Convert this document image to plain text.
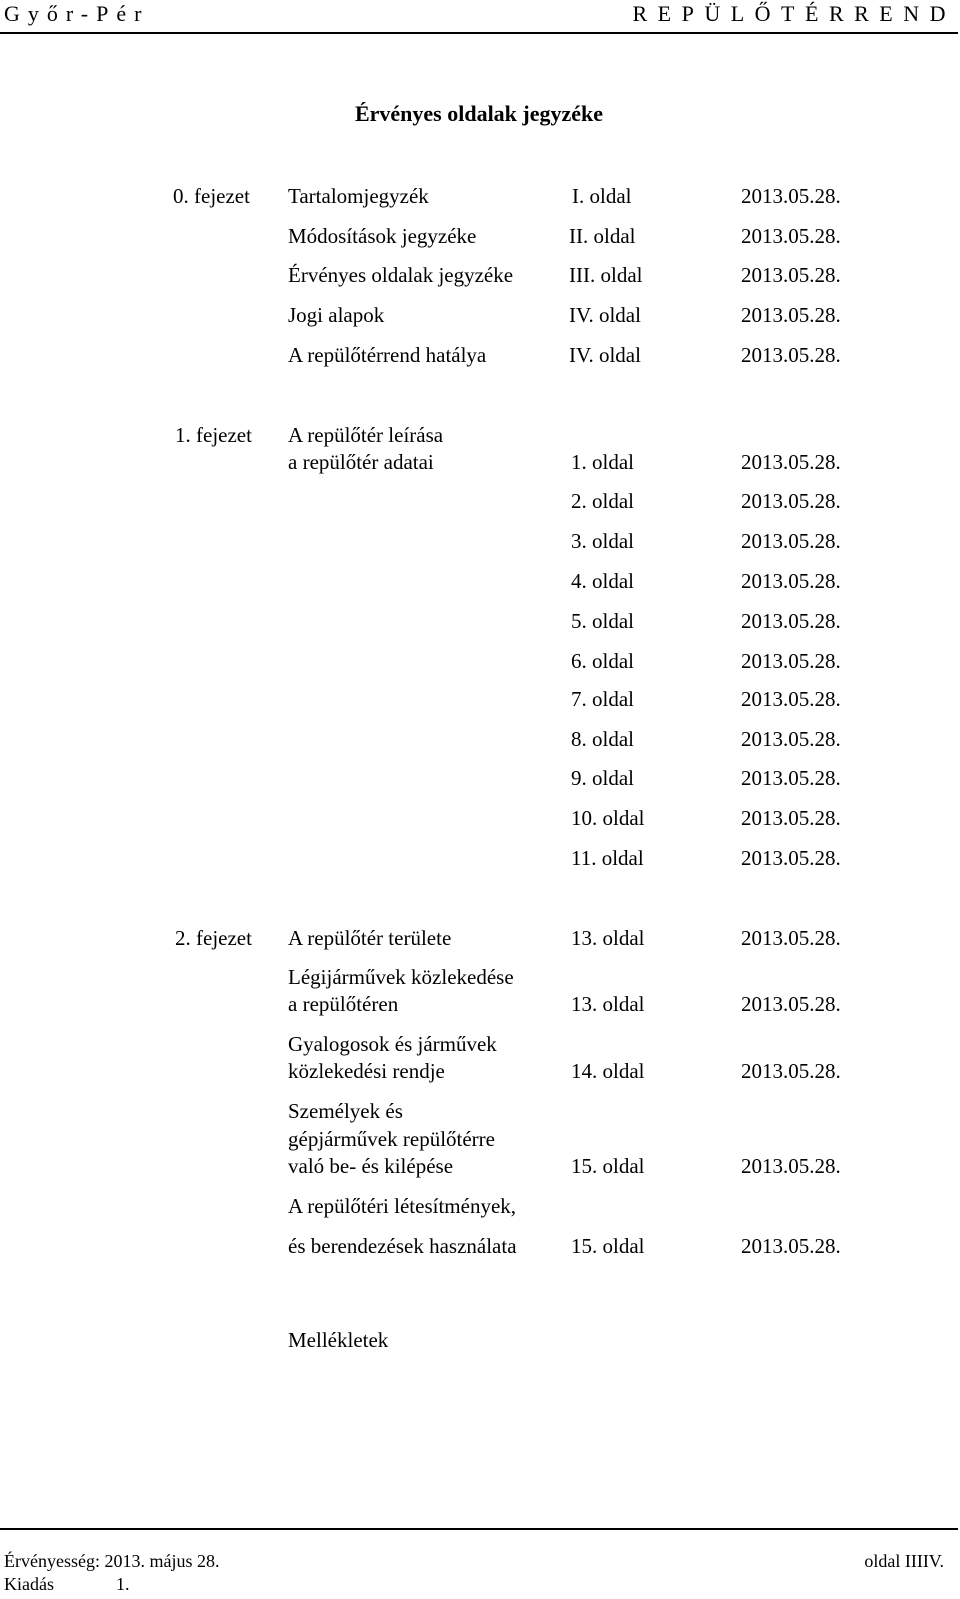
Győr-Pér	REPÜLŐTÉRREND
Érvényes oldalak jegyzéke
0. fejezet Tartalomjegyzék	I. oldal	2013.05.28.
Módosítások jegyzéke	II. oldal	2013.05.28.
Érvényes oldalak jegyzéke	III. oldal	2013.05.28.
Jogi alapok	IV. oldal	2013.05.28.
A repülőtérrend hatálya	IV. oldal	2013.05.28.
1. fejezet A repülőtér leírása
a repülőtér adatai	1. oldal	2013.05.28.
2. oldal	2013.05.28.
3. oldal	2013.05.28.
4. oldal	2013.05.28.
5. oldal	2013.05.28.
6. oldal	2013.05.28.
7. oldal	2013.05.28.
8. oldal	2013.05.28.
9. oldal	2013.05.28.
10. oldal	2013.05.28.
11. oldal	2013.05.28.
2. fejezet A repülőtér területe	13. oldal	2013.05.28.
Légijárművek közlekedése
a repülőtéren	13. oldal	2013.05.28.
Gyalogosok és járművek
közlekedési rendje	14. oldal	2013.05.28.
Személyek és
gépjárművek repülőtérre
való be- és kilépése	15. oldal	2013.05.28.
A repülőtéri létesítmények,
és berendezések használata	15. oldal	2013.05.28.
Mellékletek
Érvényesség: 2013. május 28.	oldal IIIIV.
Kiadás	1.
